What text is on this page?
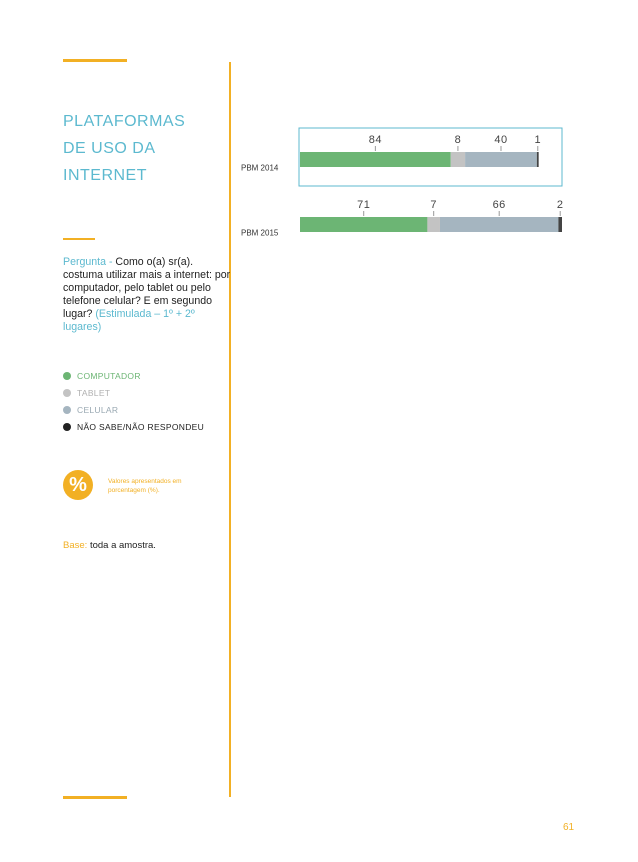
PLATAFORMAS
DE USO DA
INTERNET
Pergunta - Como o(a) sr(a). costuma utilizar mais a internet: por computador, pelo tablet ou pelo telefone celular? E em segundo lugar? (Estimulada – 1º + 2º lugares)
COMPUTADOR
TABLET
CELULAR
NÃO SABE/NÃO RESPONDEU
%	Valores apresentados em porcentagem (%).
Base: toda a amostra.
PBM 2014
84	8	40 1
PBM 2015
71	7	66	2
61
